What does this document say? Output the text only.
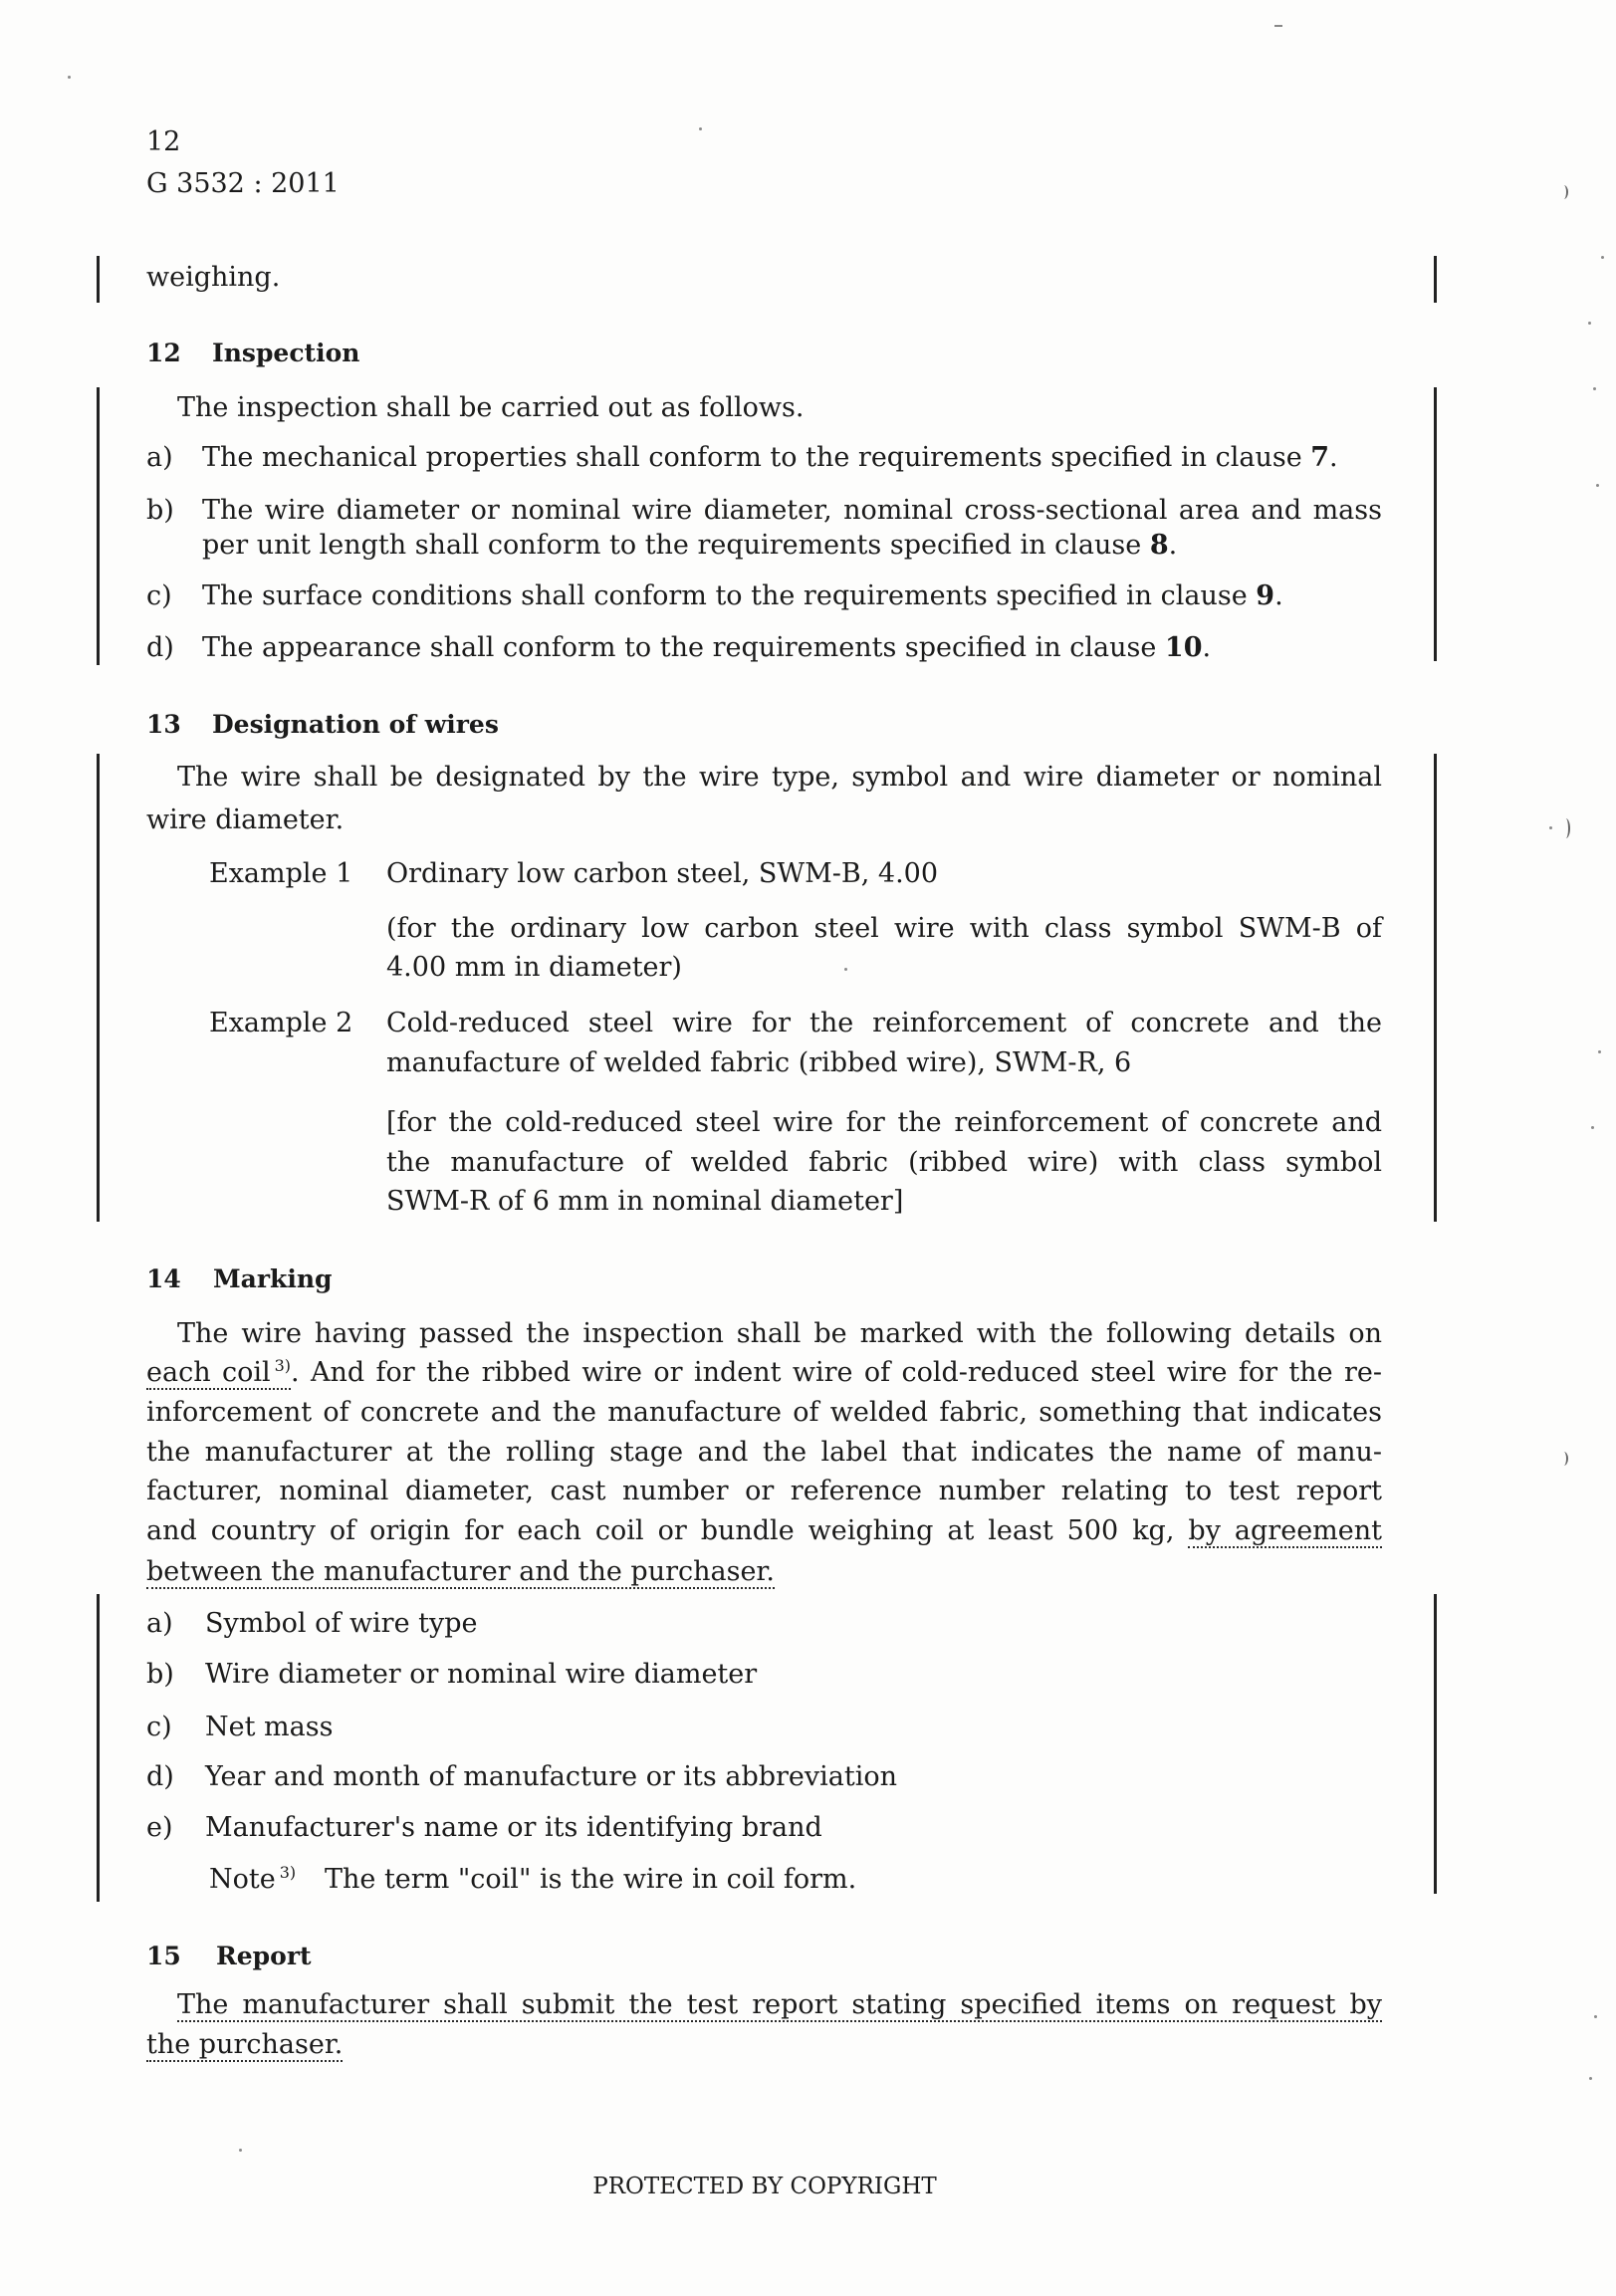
12
G 3532 : 2011
weighing.
12 Inspection
The inspection shall be carried out as follows.
a) The mechanical properties shall conform to the requirements specified in clause 7.
b) The wire diameter or nominal wire diameter, nominal cross-sectional area and mass
per unit length shall conform to the requirements specified in clause 8.
c) The surface conditions shall conform to the requirements specified in clause 9.
d) The appearance shall conform to the requirements specified in clause 10.
13 Designation of wires
The wire shall be designated by the wire type, symbol and wire diameter or nominal
wire diameter.
Example 1 Ordinary low carbon steel, SWM-B, 4.00
(for the ordinary low carbon steel wire with class symbol SWM-B of
4.00 mm in diameter)
Example 2 Cold-reduced steel wire for the reinforcement of concrete and the
manufacture of welded fabric (ribbed wire), SWM-R, 6
[for the cold-reduced steel wire for the reinforcement of concrete and
the manufacture of welded fabric (ribbed wire) with class symbol
SWM-R of 6 mm in nominal diameter]
14 Marking
The wire having passed the inspection shall be marked with the following details on
each coil $^{3)}$. And for the ribbed wire or indent wire of cold-reduced steel wire for the re-
inforcement of concrete and the manufacture of welded fabric, something that indicates
the manufacturer at the rolling stage and the label that indicates the name of manu-
facturer, nominal diameter, cast number or reference number relating to test report
and country of origin for each coil or bundle weighing at least 500 kg, by agreement
between the manufacturer and the purchaser.
a) Symbol of wire type
b) Wire diameter or nominal wire diameter
c) Net mass
d) Year and month of manufacture or its abbreviation
e) Manufacturer's name or its identifying brand
Note $^{3)}$ The term "coil" is the wire in coil form.
15 Report
The manufacturer shall submit the test report stating specified items on request by
the purchaser.
PROTECTED BY COPYRIGHT
